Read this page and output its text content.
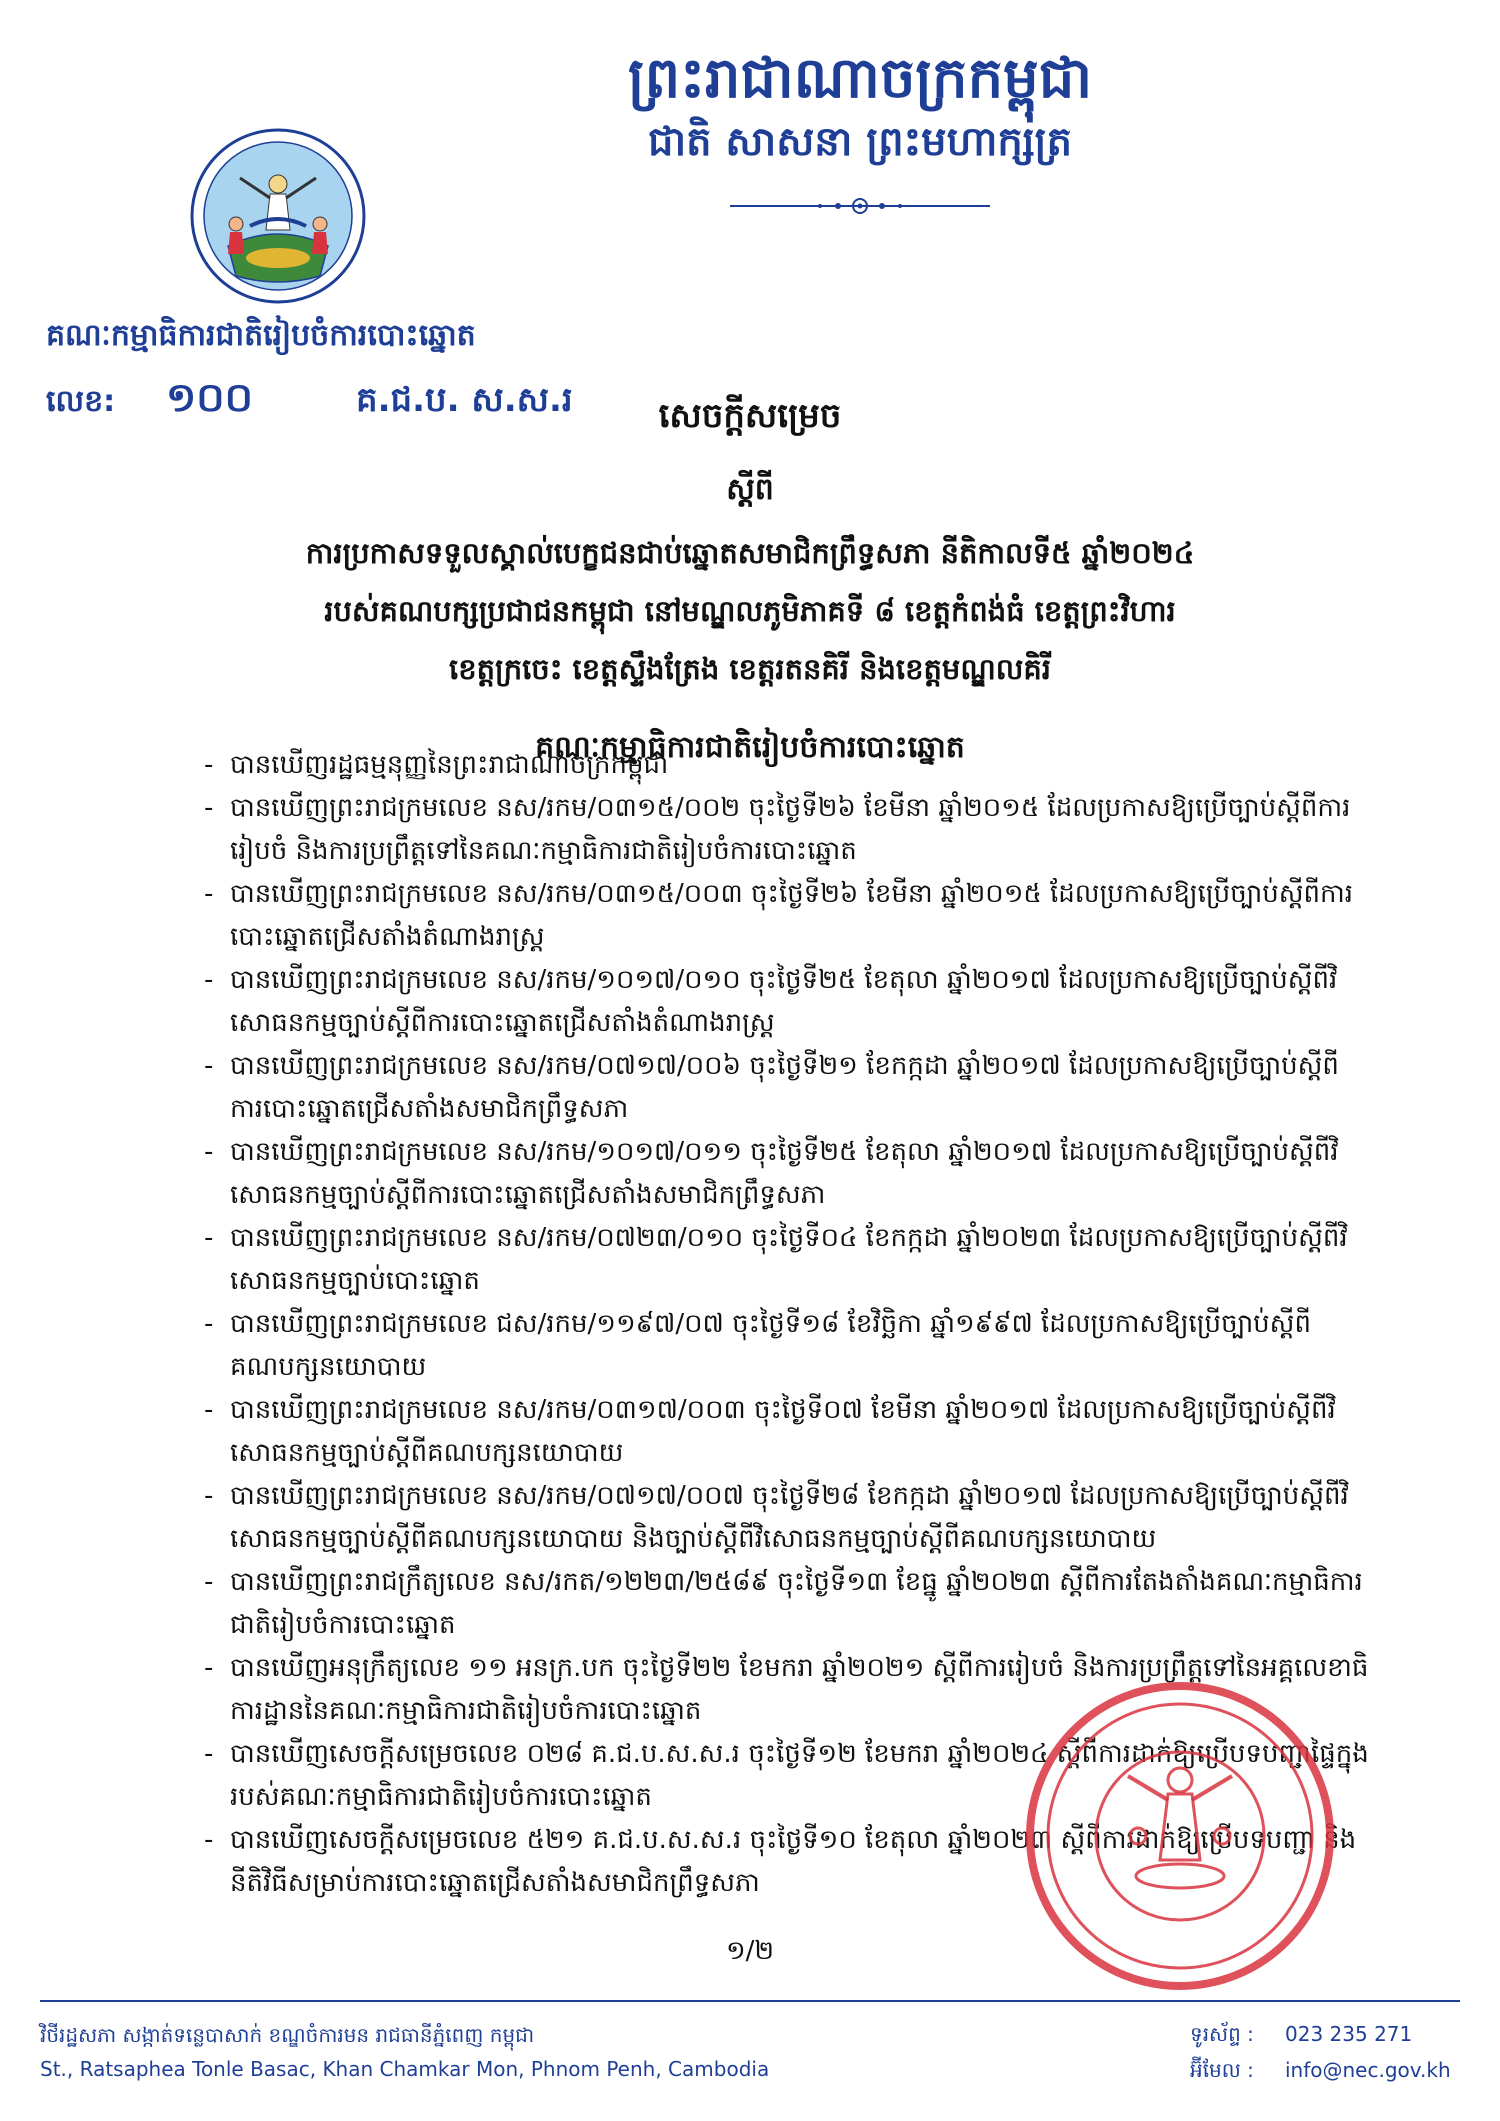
ព្រះរាជាណាចក្រកម្ពុជា
ជាតិ សាសនា ព្រះមហាក្សត្រ
គណៈកម្មាធិការជាតិរៀបចំការបោះឆ្នោត
លេខ: ១០០	គ.ជ.ប. ស.ស.រ	សេចក្តីសម្រេច
ស្តីពី
ការប្រកាសទទួលស្គាល់បេក្ខជនជាប់ឆ្នោតសមាជិកព្រឹទ្ធសភា នីតិកាលទី៥ ឆ្នាំ២០២៤
របស់គណបក្សប្រជាជនកម្ពុជា នៅមណ្ឌលភូមិភាគទី ៨ ខេត្តកំពង់ធំ ខេត្តព្រះវិហារ
ខេត្តក្រចេះ ខេត្តស្ទឹងត្រែង ខេត្តរតនគិរី និងខេត្តមណ្ឌលគិរី
គណៈកម្មាធិការជាតិរៀបចំការបោះឆ្នោត
- បានឃើញរដ្ឋធម្មនុញ្ញនៃព្រះរាជាណាចក្រកម្ពុជា
- បានឃើញព្រះរាជក្រមលេខ នស/រកម/០៣១៥/០០២ ចុះថ្ងៃទី២៦ ខែមីនា ឆ្នាំ២០១៥ ដែលប្រកាសឱ្យប្រើច្បាប់ស្តីពីការរៀបចំ និងការប្រព្រឹត្តទៅនៃគណៈកម្មាធិការជាតិរៀបចំការបោះឆ្នោត
- បានឃើញព្រះរាជក្រមលេខ នស/រកម/០៣១៥/០០៣ ចុះថ្ងៃទី២៦ ខែមីនា ឆ្នាំ២០១៥ ដែលប្រកាសឱ្យប្រើច្បាប់ស្តីពីការបោះឆ្នោតជ្រើសតាំងតំណាងរាស្ត្រ
- បានឃើញព្រះរាជក្រមលេខ នស/រកម/១០១៧/០១០ ចុះថ្ងៃទី២៥ ខែតុលា ឆ្នាំ២០១៧ ដែលប្រកាសឱ្យប្រើច្បាប់ស្តីពីវិសោធនកម្មច្បាប់ស្តីពីការបោះឆ្នោតជ្រើសតាំងតំណាងរាស្ត្រ
- បានឃើញព្រះរាជក្រមលេខ នស/រកម/០៧១៧/០០៦ ចុះថ្ងៃទី២១ ខែកក្កដា ឆ្នាំ២០១៧ ដែលប្រកាសឱ្យប្រើច្បាប់ស្តីពីការបោះឆ្នោតជ្រើសតាំងសមាជិកព្រឹទ្ធសភា
- បានឃើញព្រះរាជក្រមលេខ នស/រកម/១០១៧/០១១ ចុះថ្ងៃទី២៥ ខែតុលា ឆ្នាំ២០១៧ ដែលប្រកាសឱ្យប្រើច្បាប់ស្តីពីវិសោធនកម្មច្បាប់ស្តីពីការបោះឆ្នោតជ្រើសតាំងសមាជិកព្រឹទ្ធសភា
- បានឃើញព្រះរាជក្រមលេខ នស/រកម/០៧២៣/០១០ ចុះថ្ងៃទី០៤ ខែកក្កដា ឆ្នាំ២០២៣ ដែលប្រកាសឱ្យប្រើច្បាប់ស្តីពីវិសោធនកម្មច្បាប់បោះឆ្នោត
- បានឃើញព្រះរាជក្រមលេខ ជស/រកម/១១៩៧/០៧ ចុះថ្ងៃទី១៨ ខែវិច្ឆិកា ឆ្នាំ១៩៩៧ ដែលប្រកាសឱ្យប្រើច្បាប់ស្តីពីគណបក្សនយោបាយ
- បានឃើញព្រះរាជក្រមលេខ នស/រកម/០៣១៧/០០៣ ចុះថ្ងៃទី០៧ ខែមីនា ឆ្នាំ២០១៧ ដែលប្រកាសឱ្យប្រើច្បាប់ស្តីពីវិសោធនកម្មច្បាប់ស្តីពីគណបក្សនយោបាយ
- បានឃើញព្រះរាជក្រមលេខ នស/រកម/០៧១៧/០០៧ ចុះថ្ងៃទី២៨ ខែកក្កដា ឆ្នាំ២០១៧ ដែលប្រកាសឱ្យប្រើច្បាប់ស្តីពីវិសោធនកម្មច្បាប់ស្តីពីគណបក្សនយោបាយ និងច្បាប់ស្តីពីវិសោធនកម្មច្បាប់ស្តីពីគណបក្សនយោបាយ
- បានឃើញព្រះរាជក្រឹត្យលេខ នស/រកត/១២២៣/២៥៨៩ ចុះថ្ងៃទី១៣ ខែធ្នូ ឆ្នាំ២០២៣ ស្តីពីការតែងតាំងគណៈកម្មាធិការជាតិរៀបចំការបោះឆ្នោត
- បានឃើញអនុក្រឹត្យលេខ ១១ អនក្រ.បក ចុះថ្ងៃទី២២ ខែមករា ឆ្នាំ២០២១ ស្តីពីការរៀបចំ និងការប្រព្រឹត្តទៅនៃអគ្គលេខាធិការដ្ឋាននៃគណៈកម្មាធិការជាតិរៀបចំការបោះឆ្នោត
- បានឃើញសេចក្តីសម្រេចលេខ ០២៨ គ.ជ.ប.ស.ស.រ ចុះថ្ងៃទី១២ ខែមករា ឆ្នាំ២០២៤ ស្តីពីការដាក់ឱ្យប្រើបទបញ្ជាផ្ទៃក្នុងរបស់គណៈកម្មាធិការជាតិរៀបចំការបោះឆ្នោត
- បានឃើញសេចក្តីសម្រេចលេខ ៥២១ គ.ជ.ប.ស.ស.រ ចុះថ្ងៃទី១០ ខែតុលា ឆ្នាំ២០២៣ ស្តីពីការដាក់ឱ្យប្រើបទបញ្ជា និងនីតិវិធីសម្រាប់ការបោះឆ្នោតជ្រើសតាំងសមាជិកព្រឹទ្ធសភា
១/២
វិថីរដ្ឋសភា សង្កាត់ទន្លេបាសាក់ ខណ្ឌចំការមន រាជធានីភ្នំពេញ កម្ពុជា
St., Ratsaphea Tonle Basac, Khan Chamkar Mon, Phnom Penh, Cambodia
ទូរស័ព្ទ : 023 235 271
អ៊ីមែល : info@nec.gov.kh
